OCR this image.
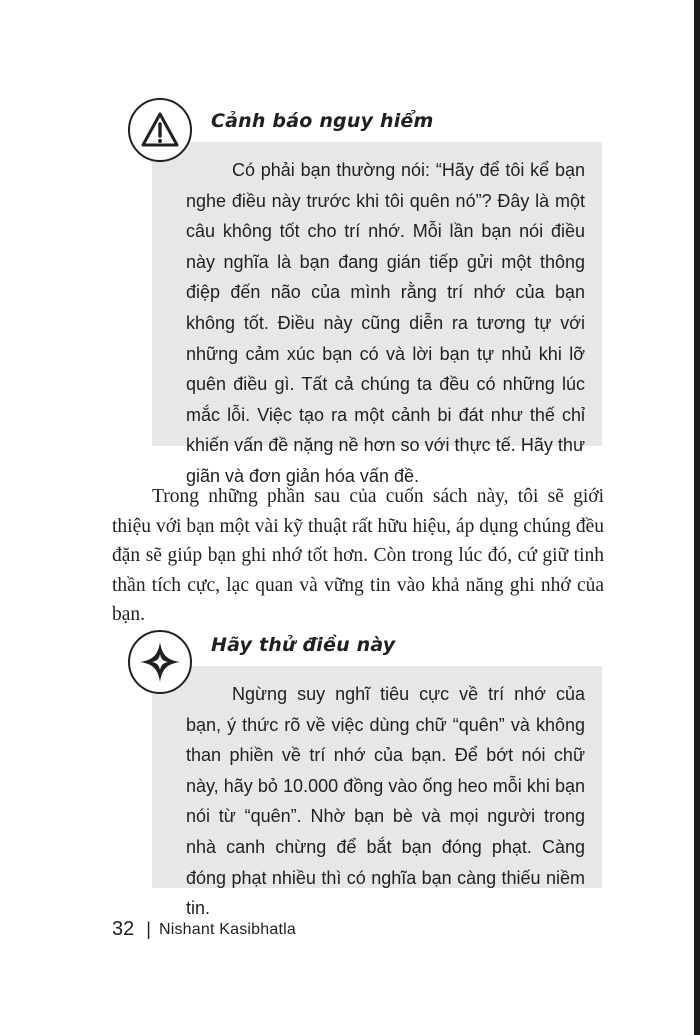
Cảnh báo nguy hiểm

Có phải bạn thường nói: “Hãy để tôi kể bạn nghe điều này trước khi tôi quên nó”? Đây là một câu không tốt cho trí nhớ. Mỗi lần bạn nói điều này nghĩa là bạn đang gián tiếp gửi một thông điệp đến não của mình rằng trí nhớ của bạn không tốt. Điều này cũng diễn ra tương tự với những cảm xúc bạn có và lời bạn tự nhủ khi lỡ quên điều gì. Tất cả chúng ta đều có những lúc mắc lỗi. Việc tạo ra một cảnh bi đát như thế chỉ khiến vấn đề nặng nề hơn so với thực tế. Hãy thư giãn và đơn giản hóa vấn đề.

Trong những phần sau của cuốn sách này, tôi sẽ giới thiệu với bạn một vài kỹ thuật rất hữu hiệu, áp dụng chúng đều đặn sẽ giúp bạn ghi nhớ tốt hơn. Còn trong lúc đó, cứ giữ tinh thần tích cực, lạc quan và vững tin vào khả năng ghi nhớ của bạn.

Hãy thử điều này

Ngừng suy nghĩ tiêu cực về trí nhớ của bạn, ý thức rõ về việc dùng chữ “quên” và không than phiền về trí nhớ của bạn. Để bớt nói chữ này, hãy bỏ 10.000 đồng vào ống heo mỗi khi bạn nói từ “quên”. Nhờ bạn bè và mọi người trong nhà canh chừng để bắt bạn đóng phạt. Càng đóng phạt nhiều thì có nghĩa bạn càng thiếu niềm tin.

32 | Nishant Kasibhatla
